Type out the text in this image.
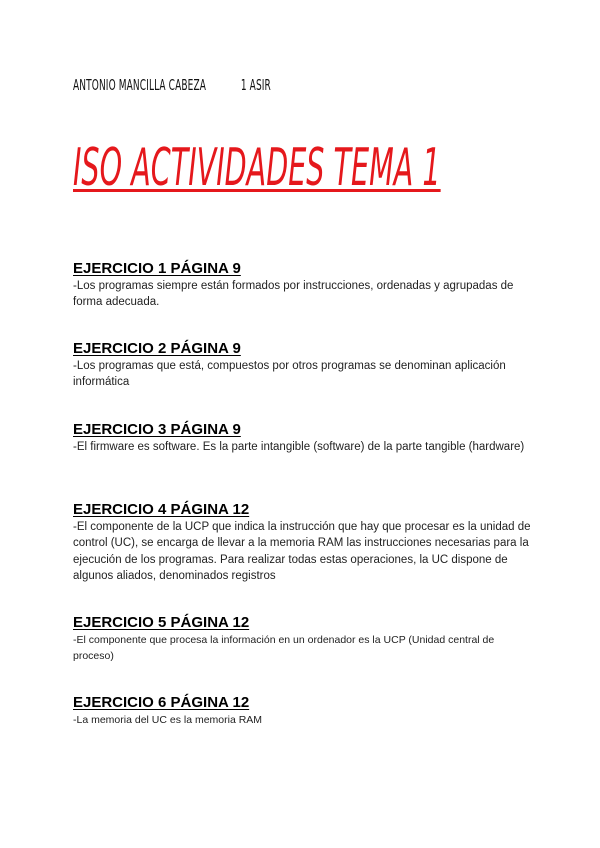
ANTONIO MANCILLA CABEZA 1 ASIR
ISO ACTIVIDADES TEMA 1

EJERCICIO 1 PÁGINA 9

-Los programas siempre están formados por instrucciones, ordenadas y agrupadas de forma adecuada.

EJERCICIO 2 PÁGINA 9

-Los programas que está, compuestos por otros programas se denominan aplicación informática

EJERCICIO 3 PÁGINA 9

-El firmware es software. Es la parte intangible (software) de la parte tangible (hardware)

EJERCICIO 4 PÁGINA 12

-El componente de la UCP que indica la instrucción que hay que procesar es la unidad de control (UC), se encarga de llevar a la memoria RAM las instrucciones necesarias para la ejecución de los programas. Para realizar todas estas operaciones, la UC dispone de algunos aliados, denominados registros

EJERCICIO 5 PÁGINA 12

-El componente que procesa la información en un ordenador es la UCP (Unidad central de proceso)

EJERCICIO 6 PÁGINA 12

-La memoria del UC es la memoria RAM
